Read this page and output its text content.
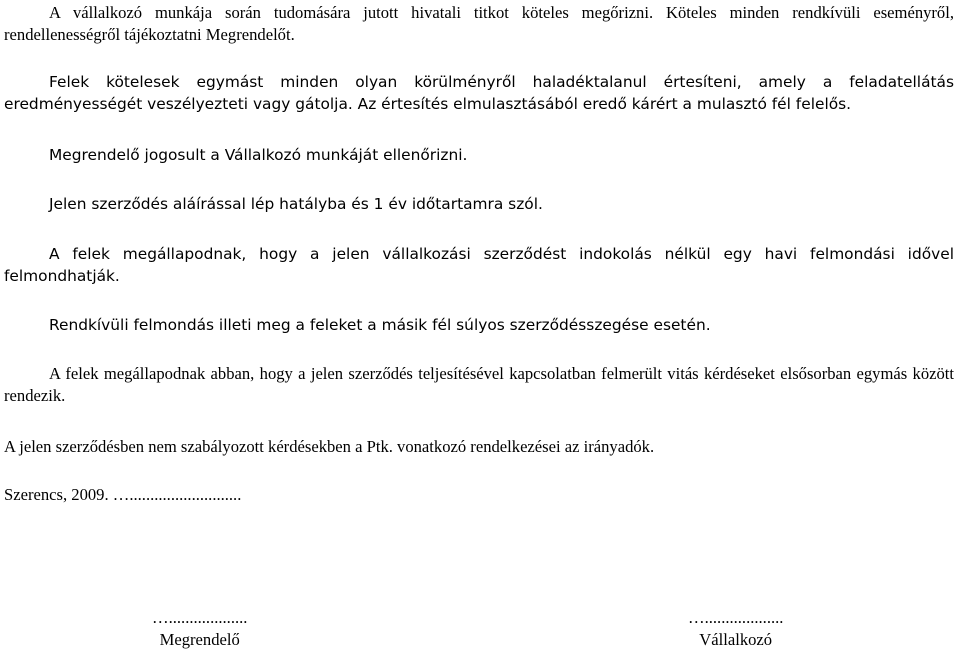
A vállalkozó munkája során tudomására jutott hivatali titkot köteles megőrizni. Köteles minden rendkívüli eseményről, rendellenességről tájékoztatni Megrendelőt.

Felek kötelesek egymást minden olyan körülményről haladéktalanul értesíteni, amely a feladatellátás eredményességét veszélyezteti vagy gátolja. Az értesítés elmulasztásából eredő kárért a mulasztó fél felelős.

Megrendelő jogosult a Vállalkozó munkáját ellenőrizni.

Jelen szerződés aláírással lép hatályba és 1 év időtartamra szól.

A felek megállapodnak, hogy a jelen vállalkozási szerződést indokolás nélkül egy havi felmondási idővel felmondhatják.

Rendkívüli felmondás illeti meg a feleket a másik fél súlyos szerződésszegése esetén.

A felek megállapodnak abban, hogy a jelen szerződés teljesítésével kapcsolatban felmerült vitás kérdéseket elsősorban egymás között rendezik.

A jelen szerződésben nem szabályozott kérdésekben a Ptk. vonatkozó rendelkezései az irányadók.

Szerencs, 2009. …...........................

…...................
Megrendelő
…...................
Vállalkozó
